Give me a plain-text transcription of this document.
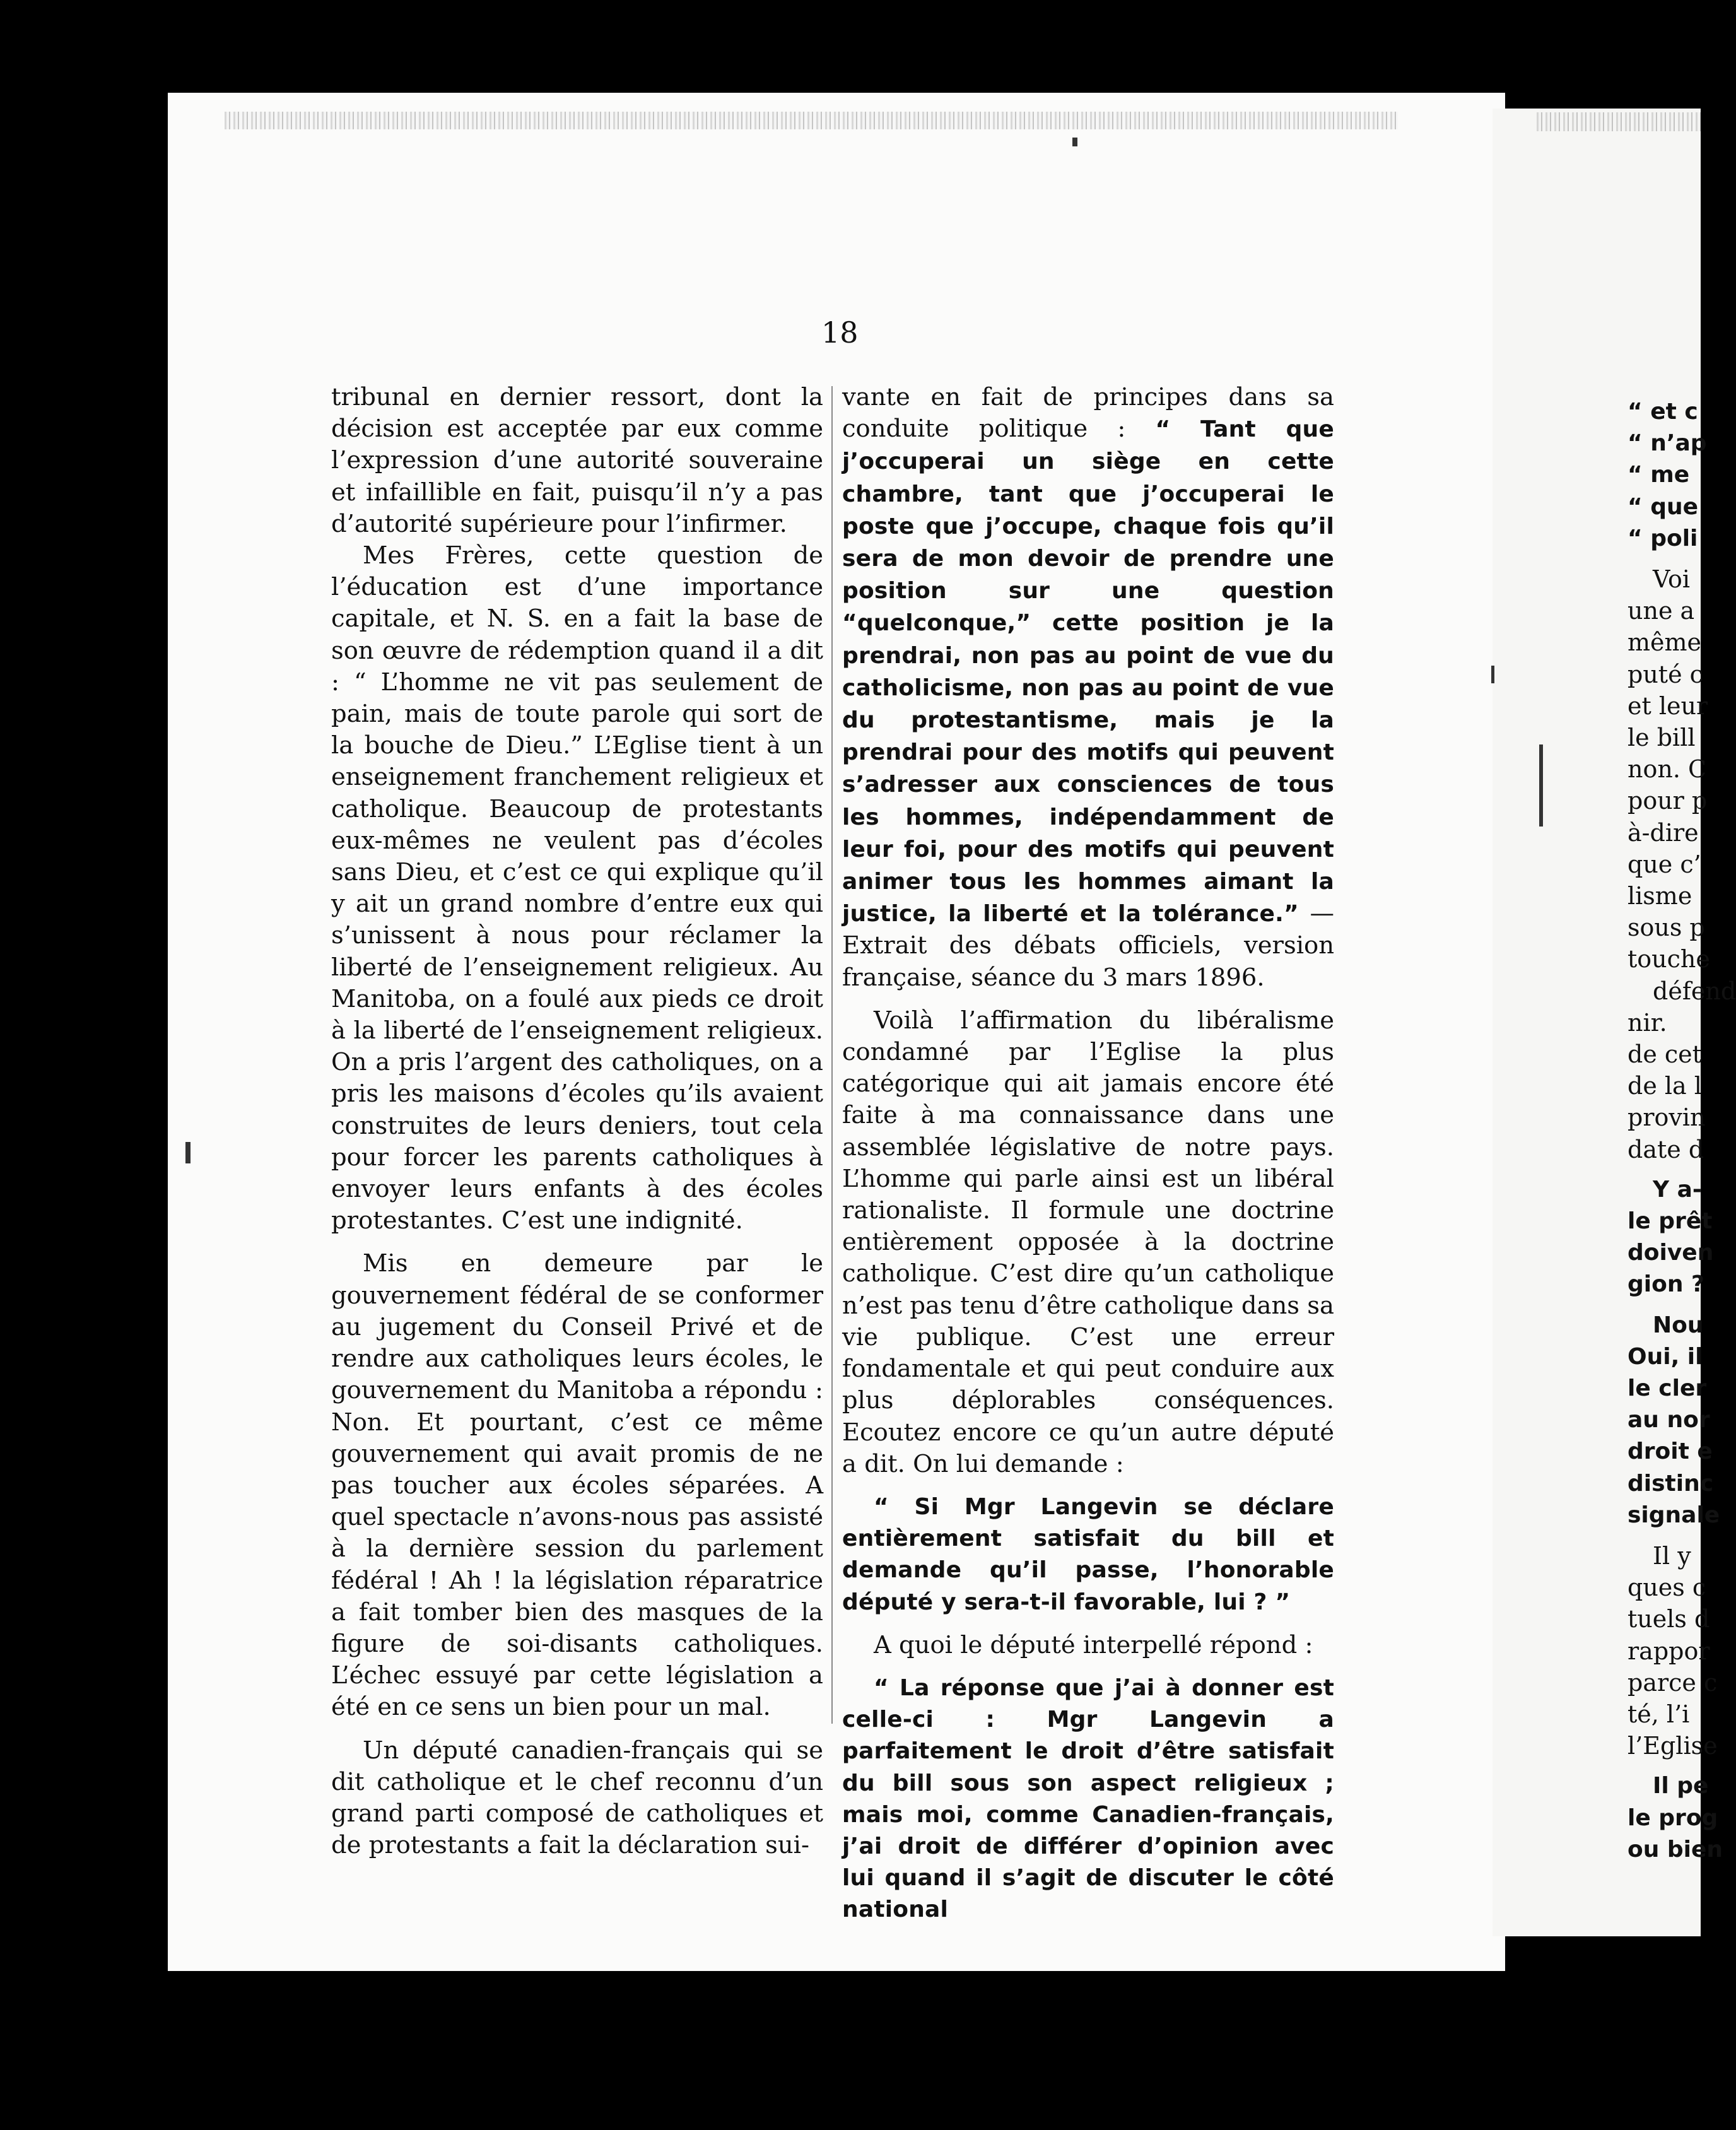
18

tribunal en dernier ressort, dont la décision est acceptée par eux comme l’expression d’une autorité souveraine et infaillible en fait, puisqu’il n’y a pas d’autorité supérieure pour l’infirmer.

Mes Frères, cette question de l’éducation est d’une importance capitale, et N. S. en a fait la base de son œuvre de rédemption quand il a dit : “ L’homme ne vit pas seulement de pain, mais de toute parole qui sort de la bouche de Dieu.” L’Eglise tient à un enseignement franchement religieux et catholique. Beaucoup de protestants eux-mêmes ne veulent pas d’écoles sans Dieu, et c’est ce qui explique qu’il y ait un grand nombre d’entre eux qui s’unissent à nous pour réclamer la liberté de l’enseignement religieux. Au Manitoba, on a foulé aux pieds ce droit à la liberté de l’enseignement religieux. On a pris l’argent des catholiques, on a pris les maisons d’écoles qu’ils avaient construites de leurs deniers, tout cela pour forcer les parents catholiques à envoyer leurs enfants à des écoles protestantes. C’est une indignité.

Mis en demeure par le gouvernement fédéral de se conformer au jugement du Conseil Privé et de rendre aux catholiques leurs écoles, le gouvernement du Manitoba a répondu : Non. Et pourtant, c’est ce même gouvernement qui avait promis de ne pas toucher aux écoles séparées. A quel spectacle n’avons-nous pas assisté à la dernière session du parlement fédéral ! Ah ! la législation réparatrice a fait tomber bien des masques de la figure de soi-disants catholiques. L’échec essuyé par cette législation a été en ce sens un bien pour un mal.

Un député canadien-français qui se dit catholique et le chef reconnu d’un grand parti composé de catholiques et de protestants a fait la déclaration sui-

vante en fait de principes dans sa conduite politique : “ Tant que j’occuperai un siège en cette chambre, tant que j’occuperai le poste que j’occupe, chaque fois qu’il sera de mon devoir de prendre une position sur une question “quelconque,” cette position je la prendrai, non pas au point de vue du catholicisme, non pas au point de vue du protestantisme, mais je la prendrai pour des motifs qui peuvent s’adresser aux consciences de tous les hommes, indépendamment de leur foi, pour des motifs qui peuvent animer tous les hommes aimant la justice, la liberté et la tolérance.” —Extrait des débats officiels, version française, séance du 3 mars 1896.

Voilà l’affirmation du libéralisme condamné par l’Eglise la plus catégorique qui ait jamais encore été faite à ma connaissance dans une assemblée législative de notre pays. L’homme qui parle ainsi est un libéral rationaliste. Il formule une doctrine entièrement opposée à la doctrine catholique. C’est dire qu’un catholique n’est pas tenu d’être catholique dans sa vie publique. C’est une erreur fondamentale et qui peut conduire aux plus déplorables conséquences. Ecoutez encore ce qu’un autre député a dit. On lui demande :

“ Si Mgr Langevin se déclare entièrement satisfait du bill et demande qu’il passe, l’honorable député y sera-t-il favorable, lui ? ”

A quoi le député interpellé répond :

“ La réponse que j’ai à donner est celle-ci : Mgr Langevin a parfaitement le droit d’être satisfait du bill sous son aspect religieux ; mais moi, comme Canadien-français, j’ai droit de différer d’opinion avec lui quand il s’agit de discuter le côté national

“ et c
“ n’ap
“ me
“ que
“ poli
Voi
une a
même
puté c
et leur
le bill
non. C
pour p
à-dire
que c’
lisme
sous p
touche
défend
nir.
de cet
de la l
provin
date d
Y a-
le prêt
doiven
gion ?
Nou
Oui, il
le cler
au nor
droit e
distinc
signale
Il y
ques c
tuels d
rappor
parce c
té, l’i
l’Eglise
Il pe
le prog
ou bien
